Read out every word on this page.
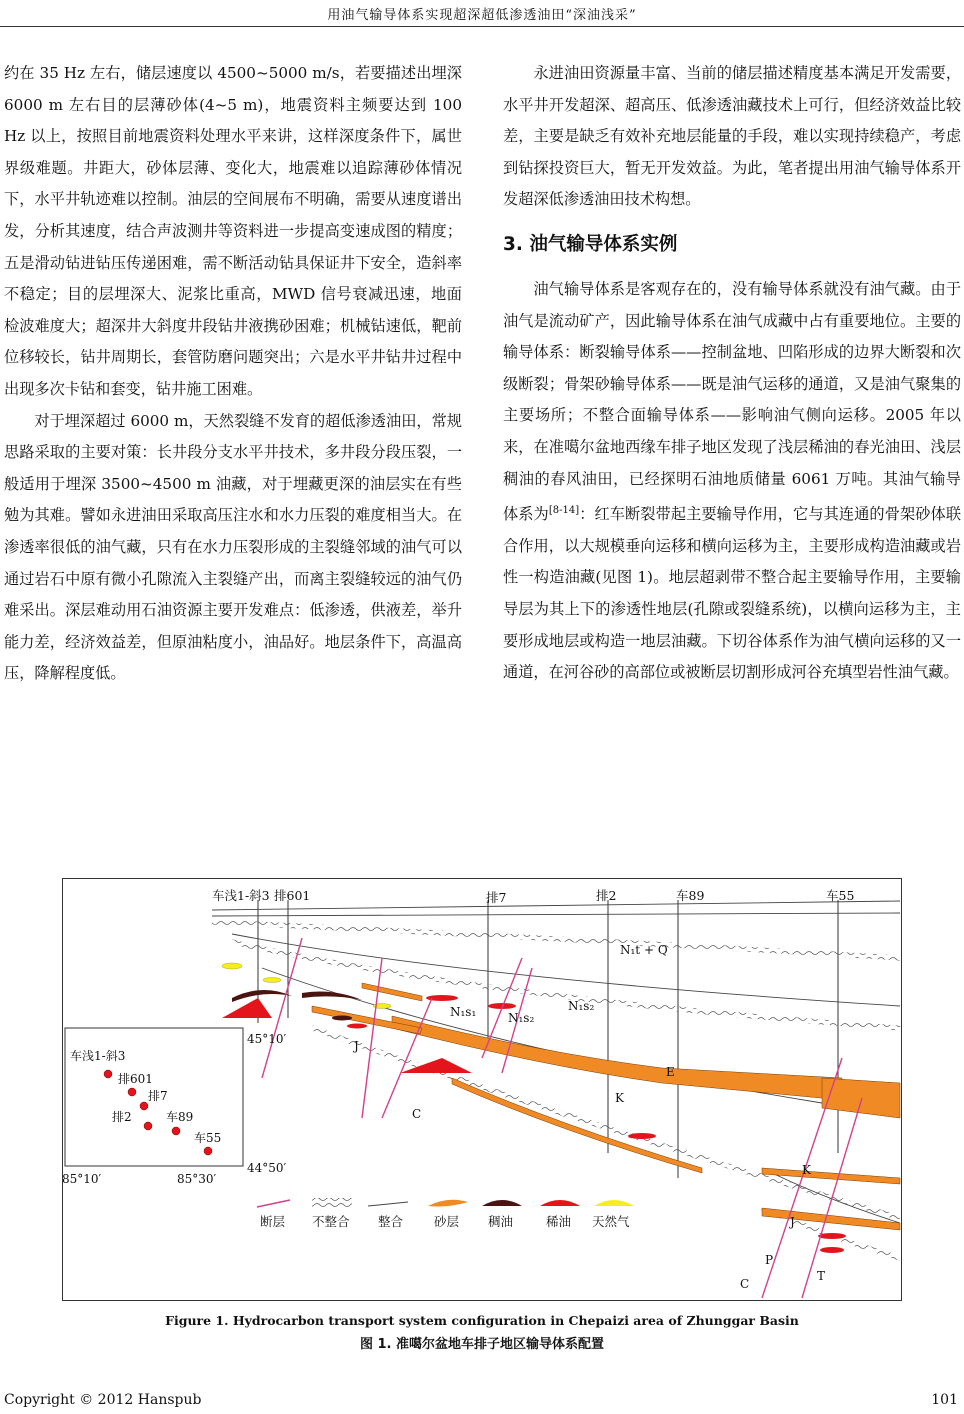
用油气输导体系实现超深超低渗透油田“深油浅采”

约在 35 Hz 左右，储层速度以 4500~5000 m/s，若要描述出埋深 6000 m 左右目的层薄砂体(4~5 m)，地震资料主频要达到 100 Hz 以上，按照目前地震资料处理水平来讲，这样深度条件下，属世界级难题。井距大，砂体层薄、变化大，地震难以追踪薄砂体情况下，水平井轨迹难以控制。油层的空间展布不明确，需要从速度谱出发，分析其速度，结合声波测井等资料进一步提高变速成图的精度；五是滑动钻进钻压传递困难，需不断活动钻具保证井下安全，造斜率不稳定；目的层埋深大、泥浆比重高，MWD 信号衰减迅速，地面检波难度大；超深井大斜度井段钻井液携砂困难；机械钻速低，靶前位移较长，钻井周期长，套管防磨问题突出；六是水平井钻井过程中出现多次卡钻和套变，钻井施工困难。

对于埋深超过 6000 m，天然裂缝不发育的超低渗透油田，常规思路采取的主要对策：长井段分支水平井技术，多井段分段压裂，一般适用于埋深 3500~4500 m 油藏，对于埋藏更深的油层实在有些勉为其难。譬如永进油田采取高压注水和水力压裂的难度相当大。在渗透率很低的油气藏，只有在水力压裂形成的主裂缝邻域的油气可以通过岩石中原有微小孔隙流入主裂缝产出，而离主裂缝较远的油气仍难采出。深层难动用石油资源主要开发难点：低渗透，供液差，举升能力差，经济效益差，但原油粘度小，油品好。地层条件下，高温高压，降解程度低。

永进油田资源量丰富、当前的储层描述精度基本满足开发需要，水平井开发超深、超高压、低渗透油藏技术上可行，但经济效益比较差，主要是缺乏有效补充地层能量的手段，难以实现持续稳产，考虑到钻探投资巨大，暂无开发效益。为此，笔者提出用油气输导体系开发超深低渗透油田技术构想。

3. 油气输导体系实例

油气输导体系是客观存在的，没有输导体系就没有油气藏。由于油气是流动矿产，因此输导体系在油气成藏中占有重要地位。主要的输导体系：断裂输导体系——控制盆地、凹陷形成的边界大断裂和次级断裂；骨架砂输导体系——既是油气运移的通道，又是油气聚集的主要场所；不整合面输导体系——影响油气侧向运移。2005 年以来，在准噶尔盆地西缘车排子地区发现了浅层稀油的春光油田、浅层稠油的春风油田，已经探明石油地质储量 6061 万吨。其油气输导体系为[8-14]：红车断裂带起主要输导作用，它与其连通的骨架砂体联合作用，以大规模垂向运移和横向运移为主，主要形成构造油藏或岩性一构造油藏(见图 1)。地层超剥带不整合起主要输导作用，主要输导层为其上下的渗透性地层(孔隙或裂缝系统)，以横向运移为主，主要形成地层或构造一地层油藏。下切谷体系作为油气横向运移的又一通道，在河谷砂的高部位或被断层切割形成河谷充填型岩性油气藏。

车浅1-斜3 排601	排7	排2	车89	车55
N₁t + Q
N₁s₁	N₁s₂
N₁s₂
J
C
E
K
K
J
P
T
C
45°10′
44°50′
85°10′	85°30′
车浅1-斜3
排601
排7
排2	车89
车55
断层 不整合 整合 砂层 稠油	稀油 天然气
Figure 1. Hydrocarbon transport system configuration in Chepaizi area of Zhunggar Basin
图 1. 准噶尔盆地车排子地区输导体系配置
Copyright © 2012 Hanspub	101
